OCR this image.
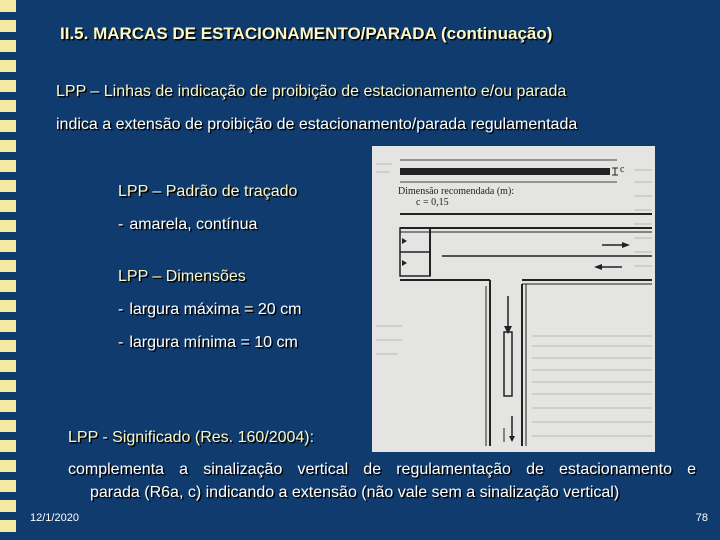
II.5. MARCAS DE ESTACIONAMENTO/PARADA (continuação)
LPP – Linhas de indicação de proibição de estacionamento e/ou parada
indica a extensão de proibição de estacionamento/parada regulamentada
LPP – Padrão de traçado
- amarela, contínua
LPP – Dimensões
- largura máxima = 20 cm
- largura mínima = 10 cm
Dimensão recomendada (m):
c = 0,15
c
LPP - Significado (Res. 160/2004):
complementa a sinalização vertical de regulamentação de estacionamento e
parada (R6a, c) indicando a extensão (não vale sem a sinalização vertical)
12/1/2020	78
